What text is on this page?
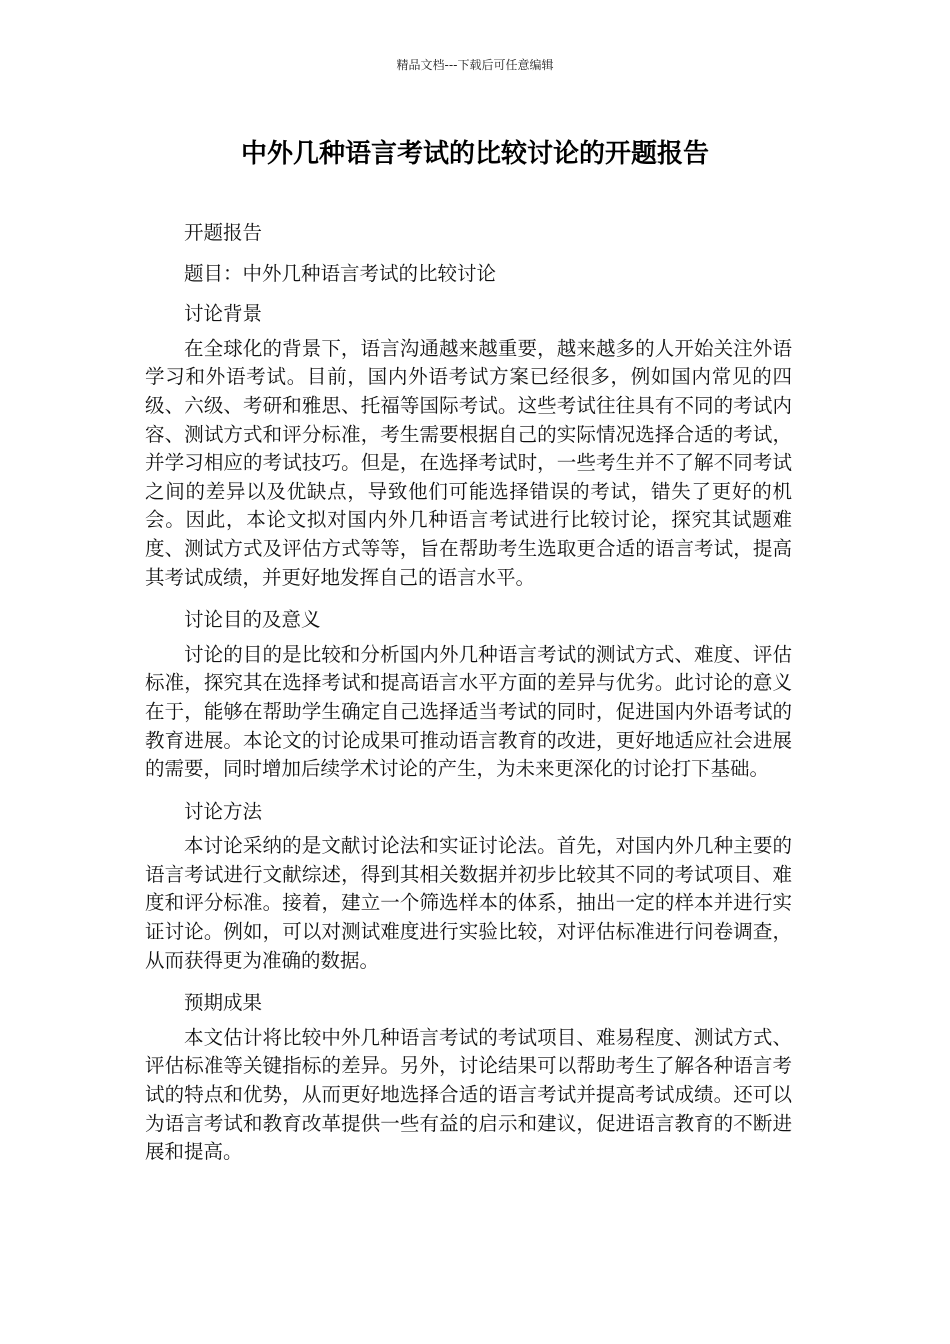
精品文档---下载后可任意编辑
中外几种语言考试的比较讨论的开题报告

开题报告

题目：中外几种语言考试的比较讨论

讨论背景

在全球化的背景下，语言沟通越来越重要，越来越多的人开始关注外语学习和外语考试。目前，国内外语考试方案已经很多，例如国内常见的四级、六级、考研和雅思、托福等国际考试。这些考试往往具有不同的考试内容、测试方式和评分标准，考生需要根据自己的实际情况选择合适的考试，并学习相应的考试技巧。但是，在选择考试时，一些考生并不了解不同考试之间的差异以及优缺点，导致他们可能选择错误的考试，错失了更好的机会。因此，本论文拟对国内外几种语言考试进行比较讨论，探究其试题难度、测试方式及评估方式等等，旨在帮助考生选取更合适的语言考试，提高其考试成绩，并更好地发挥自己的语言水平。

讨论目的及意义

讨论的目的是比较和分析国内外几种语言考试的测试方式、难度、评估标准，探究其在选择考试和提高语言水平方面的差异与优劣。此讨论的意义在于，能够在帮助学生确定自己选择适当考试的同时，促进国内外语考试的教育进展。本论文的讨论成果可推动语言教育的改进，更好地适应社会进展的需要，同时增加后续学术讨论的产生，为未来更深化的讨论打下基础。

讨论方法

本讨论采纳的是文献讨论法和实证讨论法。首先，对国内外几种主要的语言考试进行文献综述，得到其相关数据并初步比较其不同的考试项目、难度和评分标准。接着，建立一个筛选样本的体系，抽出一定的样本并进行实证讨论。例如，可以对测试难度进行实验比较，对评估标准进行问卷调查，从而获得更为准确的数据。

预期成果

本文估计将比较中外几种语言考试的考试项目、难易程度、测试方式、评估标准等关键指标的差异。另外，讨论结果可以帮助考生了解各种语言考试的特点和优势，从而更好地选择合适的语言考试并提高考试成绩。还可以为语言考试和教育改革提供一些有益的启示和建议，促进语言教育的不断进展和提高。
